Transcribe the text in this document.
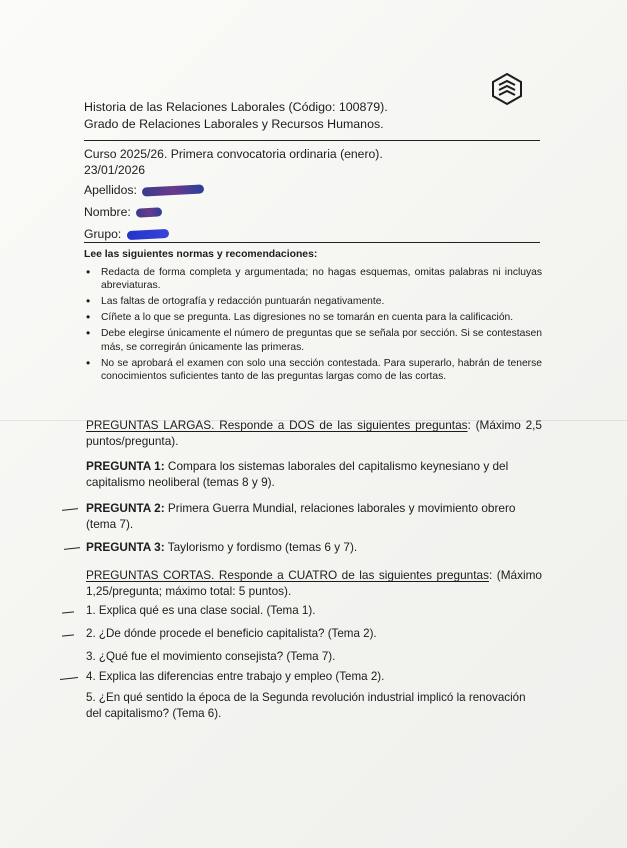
Historia de las Relaciones Laborales (Código: 100879).
Grado de Relaciones Laborales y Recursos Humanos.
Curso 2025/26. Primera convocatoria ordinaria (enero).
23/01/2026
Apellidos:
Nombre:
Grupo:
Lee las siguientes normas y recomendaciones:
• Redacta de forma completa y argumentada; no hagas esquemas, omitas palabras ni incluyas abreviaturas.
• Las faltas de ortografía y redacción puntuarán negativamente.
• Cíñete a lo que se pregunta. Las digresiones no se tomarán en cuenta para la calificación.
• Debe elegirse únicamente el número de preguntas que se señala por sección. Si se contestasen más, se corregirán únicamente las primeras.
• No se aprobará el examen con solo una sección contestada. Para superarlo, habrán de tenerse conocimientos suficientes tanto de las preguntas largas como de las cortas.
PREGUNTAS LARGAS. Responde a DOS de las siguientes preguntas: (Máximo 2,5 puntos/pregunta).
PREGUNTA 1: Compara los sistemas laborales del capitalismo keynesiano y del capitalismo neoliberal (temas 8 y 9).
PREGUNTA 2: Primera Guerra Mundial, relaciones laborales y movimiento obrero (tema 7).
PREGUNTA 3: Taylorismo y fordismo (temas 6 y 7).
PREGUNTAS CORTAS. Responde a CUATRO de las siguientes preguntas: (Máximo 1,25/pregunta; máximo total: 5 puntos).
1. Explica qué es una clase social. (Tema 1).
2. ¿De dónde procede el beneficio capitalista? (Tema 2).
3. ¿Qué fue el movimiento consejista? (Tema 7).
4. Explica las diferencias entre trabajo y empleo (Tema 2).
5. ¿En qué sentido la época de la Segunda revolución industrial implicó la renovación del capitalismo? (Tema 6).
